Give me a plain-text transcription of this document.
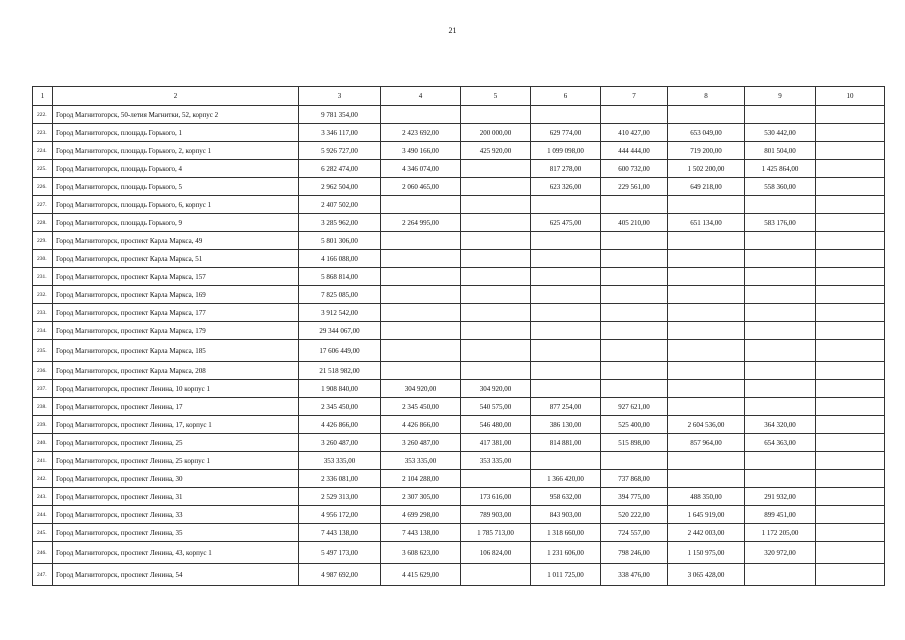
21
1	2	3	4	5	6	7	8	9	10
222.	Город Магнитогорск, 50-летия Магнитки, 52, корпус 2	9 781 354,00							
223.	Город Магнитогорск, площадь Горького, 1	3 346 117,00	2 423 692,00	200 000,00	629 774,00	410 427,00	653 049,00	530 442,00	
224.	Город Магнитогорск, площадь Горького, 2, корпус 1	5 926 727,00	3 490 166,00	425 920,00	1 099 098,00	444 444,00	719 200,00	801 504,00	
225.	Город Магнитогорск, площадь Горького, 4	6 282 474,00	4 346 074,00		817 278,00	600 732,00	1 502 200,00	1 425 864,00	
226.	Город Магнитогорск, площадь Горького, 5	2 962 504,00	2 060 465,00		623 326,00	229 561,00	649 218,00	558 360,00	
227.	Город Магнитогорск, площадь Горького, 6, корпус 1	2 407 502,00							
228.	Город Магнитогорск, площадь Горького, 9	3 285 962,00	2 264 995,00		625 475,00	405 210,00	651 134,00	583 176,00	
229.	Город Магнитогорск, проспект Карла Маркса, 49	5 801 306,00							
230.	Город Магнитогорск, проспект Карла Маркса, 51	4 166 088,00							
231.	Город Магнитогорск, проспект Карла Маркса, 157	5 868 814,00							
232.	Город Магнитогорск, проспект Карла Маркса, 169	7 825 085,00							
233.	Город Магнитогорск, проспект Карла Маркса, 177	3 912 542,00							
234.	Город Магнитогорск, проспект Карла Маркса, 179	29 344 067,00							
235.	Город Магнитогорск, проспект Карла Маркса, 185	17 606 449,00							
236.	Город Магнитогорск, проспект Карла Маркса, 208	21 518 982,00							
237.	Город Магнитогорск, проспект Ленина, 10 корпус 1	1 908 840,00	304 920,00	304 920,00					
238.	Город Магнитогорск, проспект Ленина, 17	2 345 450,00	2 345 450,00	540 575,00	877 254,00	927 621,00			
239.	Город Магнитогорск, проспект Ленина, 17, корпус 1	4 426 866,00	4 426 866,00	546 480,00	386 130,00	525 400,00	2 604 536,00	364 320,00	
240.	Город Магнитогорск, проспект Ленина, 25	3 260 487,00	3 260 487,00	417 381,00	814 881,00	515 898,00	857 964,00	654 363,00	
241.	Город Магнитогорск, проспект Ленина, 25 корпус 1	353 335,00	353 335,00	353 335,00					
242.	Город Магнитогорск, проспект Ленина, 30	2 336 081,00	2 104 288,00		1 366 420,00	737 868,00			
243.	Город Магнитогорск, проспект Ленина, 31	2 529 313,00	2 307 305,00	173 616,00	958 632,00	394 775,00	488 350,00	291 932,00	
244.	Город Магнитогорск, проспект Ленина, 33	4 956 172,00	4 699 298,00	789 903,00	843 903,00	520 222,00	1 645 919,00	899 451,00	
245.	Город Магнитогорск, проспект Ленина, 35	7 443 138,00	7 443 138,00	1 785 713,00	1 318 660,00	724 557,00	2 442 003,00	1 172 205,00	
246.	Город Магнитогорск, проспект Ленина, 43, корпус 1	5 497 173,00	3 608 623,00	106 824,00	1 231 606,00	798 246,00	1 150 975,00	320 972,00	
247.	Город Магнитогорск, проспект Ленина, 54	4 987 692,00	4 415 629,00		1 011 725,00	338 476,00	3 065 428,00		
